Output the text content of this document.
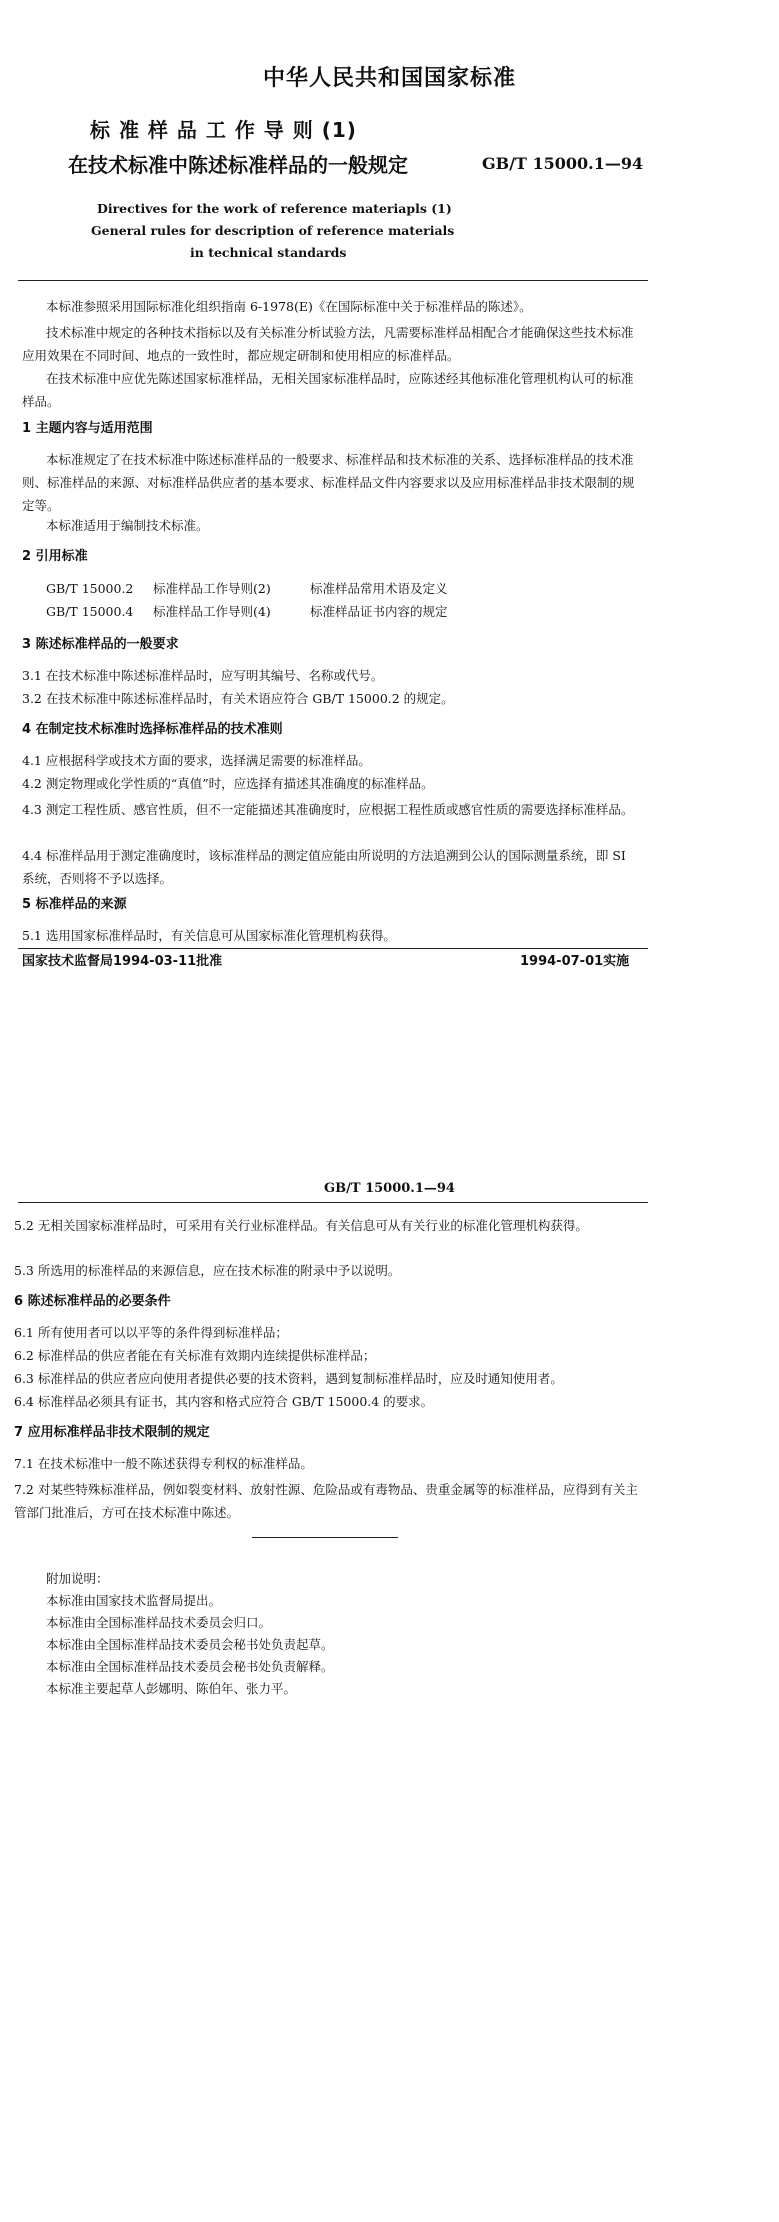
中华人民共和国国家标准
标 准 样 品 工 作 导 则 (1)
在技术标准中陈述标准样品的一般规定	GB/T 15000.1—94
Directives for the work of reference materiapls (1)
General rules for description of reference materials
in technical standards
本标准参照采用国际标准化组织指南 6-1978(E)《在国际标准中关于标准样品的陈述》。
技术标准中规定的各种技术指标以及有关标准分析试验方法，凡需要标准样品相配合才能确保这些技术标准应用效果在不同时间、地点的一致性时，都应规定研制和使用相应的标准样品。
在技术标准中应优先陈述国家标准样品，无相关国家标准样品时，应陈述经其他标准化管理机构认可的标准样品。
1 主题内容与适用范围
本标准规定了在技术标准中陈述标准样品的一般要求、标准样品和技术标准的关系、选择标准样品的技术准则、标准样品的来源、对标准样品供应者的基本要求、标准样品文件内容要求以及应用标准样品非技术限制的规定等。
本标准适用于编制技术标准。
2 引用标准
GB/T 15000.2 标准样品工作导则(2)	标准样品常用术语及定义
GB/T 15000.4 标准样品工作导则(4)	标准样品证书内容的规定
3 陈述标准样品的一般要求
3.1 在技术标准中陈述标准样品时，应写明其编号、名称或代号。
3.2 在技术标准中陈述标准样品时，有关术语应符合 GB/T 15000.2 的规定。
4 在制定技术标准时选择标准样品的技术准则
4.1 应根据科学或技术方面的要求，选择满足需要的标准样品。
4.2 测定物理或化学性质的“真值”时，应选择有描述其准确度的标准样品。
4.3 测定工程性质、感官性质，但不一定能描述其准确度时，应根据工程性质或感官性质的需要选择标准样品。
4.4 标准样品用于测定准确度时，该标准样品的测定值应能由所说明的方法追溯到公认的国际测量系统，即 SI 系统，否则将不予以选择。
5 标准样品的来源
5.1 选用国家标准样品时，有关信息可从国家标准化管理机构获得。
国家技术监督局1994-03-11批准	1994-07-01实施
GB/T 15000.1—94
5.2 无相关国家标准样品时，可采用有关行业标准样品。有关信息可从有关行业的标准化管理机构获得。
5.3 所选用的标准样品的来源信息，应在技术标准的附录中予以说明。
6 陈述标准样品的必要条件
6.1 所有使用者可以以平等的条件得到标准样品；
6.2 标准样品的供应者能在有关标准有效期内连续提供标准样品；
6.3 标准样品的供应者应向使用者提供必要的技术资料，遇到复制标准样品时，应及时通知使用者。
6.4 标准样品必须具有证书，其内容和格式应符合 GB/T 15000.4 的要求。
7 应用标准样品非技术限制的规定
7.1 在技术标准中一般不陈述获得专利权的标准样品。
7.2 对某些特殊标准样品，例如裂变材料、放射性源、危险品或有毒物品、贵重金属等的标准样品，应得到有关主管部门批准后，方可在技术标准中陈述。
附加说明：
本标准由国家技术监督局提出。
本标准由全国标准样品技术委员会归口。
本标准由全国标准样品技术委员会秘书处负责起草。
本标准由全国标准样品技术委员会秘书处负责解释。
本标准主要起草人彭娜明、陈伯年、张力平。
